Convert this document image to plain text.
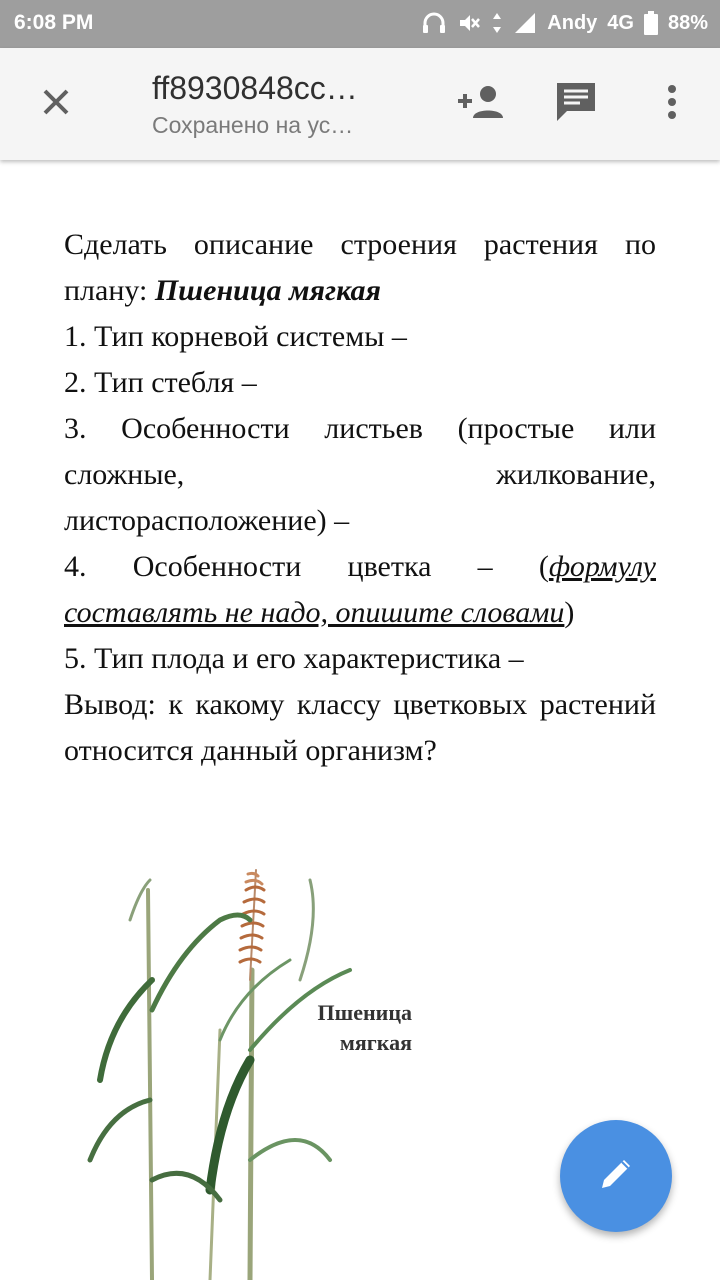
6:08 PM	Andy 4G 88%
ff8930848cc…
Сохранено на ус…

Сделать описание строения растения по плану: Пшеница мягкая

1. Тип корневой системы –

2. Тип стебля –

3. Особенности листьев (простые или

сложные, жилкование,

листорасположение) –

4. Особенности цветка – (формулу

составлять не надо, опишите словами)

5. Тип плода и его характеристика –

Вывод: к какому классу цветковых растений относится данный организм?

Пшеница
мягкая
